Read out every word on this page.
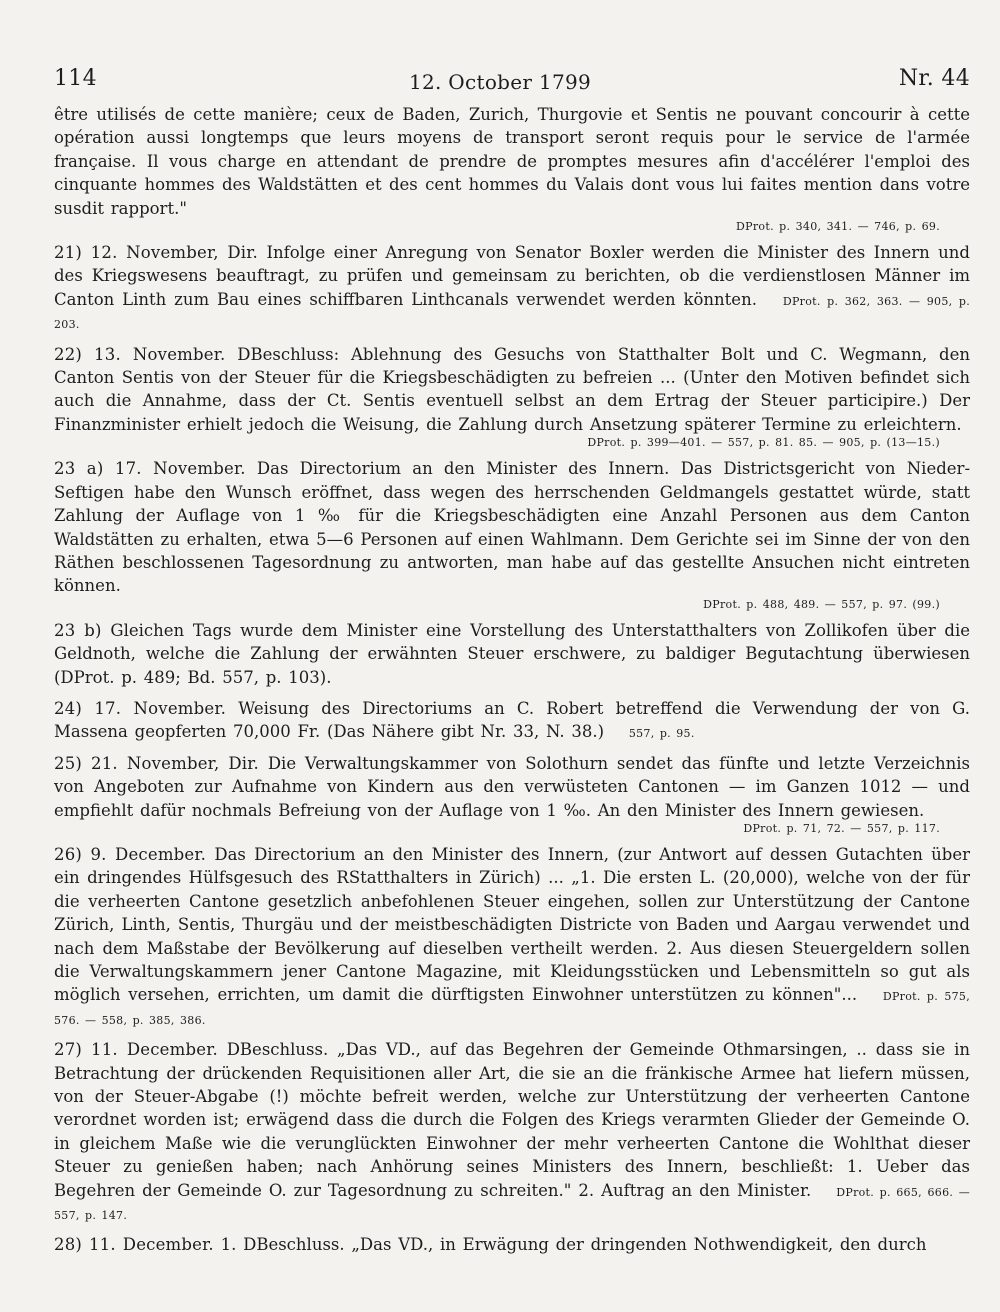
114	12. October 1799	Nr. 44

être utilisés de cette manière; ceux de Baden, Zurich, Thurgovie et Sentis ne pouvant concourir à cette opération aussi longtemps que leurs moyens de transport seront requis pour le service de l'armée française. Il vous charge en attendant de prendre de promptes mesures afin d'accélérer l'emploi des cinquante hommes des Waldstätten et des cent hommes du Valais dont vous lui faites mention dans votre susdit rapport."
DProt. p. 340, 341. — 746, p. 69.

21) 12. November, Dir. Infolge einer Anregung von Senator Boxler werden die Minister des Innern und des Kriegswesens beauftragt, zu prüfen und gemeinsam zu berichten, ob die verdienstlosen Männer im Canton Linth zum Bau eines schiffbaren Linthcanals verwendet werden könnten. DProt. p. 362, 363. — 905, p. 203.

22) 13. November. DBeschluss: Ablehnung des Gesuchs von Statthalter Bolt und C. Wegmann, den Canton Sentis von der Steuer für die Kriegsbeschädigten zu befreien ... (Unter den Motiven befindet sich auch die Annahme, dass der Ct. Sentis eventuell selbst an dem Ertrag der Steuer participire.) Der Finanzminister erhielt jedoch die Weisung, die Zahlung durch Ansetzung späterer Termine zu erleichtern.
DProt. p. 399—401. — 557, p. 81. 85. — 905, p. (13—15.)

23 a) 17. November. Das Directorium an den Minister des Innern. Das Districtsgericht von Nieder-Seftigen habe den Wunsch eröffnet, dass wegen des herrschenden Geldmangels gestattet würde, statt Zahlung der Auflage von 1 ‰ für die Kriegsbeschädigten eine Anzahl Personen aus dem Canton Waldstätten zu erhalten, etwa 5—6 Personen auf einen Wahlmann. Dem Gerichte sei im Sinne der von den Räthen beschlossenen Tagesordnung zu antworten, man habe auf das gestellte Ansuchen nicht eintreten können.
DProt. p. 488, 489. — 557, p. 97. (99.)

23 b) Gleichen Tags wurde dem Minister eine Vorstellung des Unterstatthalters von Zollikofen über die Geldnoth, welche die Zahlung der erwähnten Steuer erschwere, zu baldiger Begutachtung überwiesen (DProt. p. 489; Bd. 557, p. 103).

24) 17. November. Weisung des Directoriums an C. Robert betreffend die Verwendung der von G. Massena geopferten 70,000 Fr. (Das Nähere gibt Nr. 33, N. 38.) 557, p. 95.

25) 21. November, Dir. Die Verwaltungskammer von Solothurn sendet das fünfte und letzte Verzeichnis von Angeboten zur Aufnahme von Kindern aus den verwüsteten Cantonen — im Ganzen 1012 — und empfiehlt dafür nochmals Befreiung von der Auflage von 1 ‰. An den Minister des Innern gewiesen.
DProt. p. 71, 72. — 557, p. 117.

26) 9. December. Das Directorium an den Minister des Innern, (zur Antwort auf dessen Gutachten über ein dringendes Hülfsgesuch des RStatthalters in Zürich) ... „1. Die ersten L. (20,000), welche von der für die verheerten Cantone gesetzlich anbefohlenen Steuer eingehen, sollen zur Unterstützung der Cantone Zürich, Linth, Sentis, Thurgäu und der meistbeschädigten Districte von Baden und Aargau verwendet und nach dem Maßstabe der Bevölkerung auf dieselben vertheilt werden. 2. Aus diesen Steuergeldern sollen die Verwaltungskammern jener Cantone Magazine, mit Kleidungsstücken und Lebensmitteln so gut als möglich versehen, errichten, um damit die dürftigsten Einwohner unterstützen zu können"... DProt. p. 575, 576. — 558, p. 385, 386.

27) 11. December. DBeschluss. „Das VD., auf das Begehren der Gemeinde Othmarsingen, .. dass sie in Betrachtung der drückenden Requisitionen aller Art, die sie an die fränkische Armee hat liefern müssen, von der Steuer-Abgabe (!) möchte befreit werden, welche zur Unterstützung der verheerten Cantone verordnet worden ist; erwägend dass die durch die Folgen des Kriegs verarmten Glieder der Gemeinde O. in gleichem Maße wie die verunglückten Einwohner der mehr verheerten Cantone die Wohlthat dieser Steuer zu genießen haben; nach Anhörung seines Ministers des Innern, beschließt: 1. Ueber das Begehren der Gemeinde O. zur Tagesordnung zu schreiten." 2. Auftrag an den Minister. DProt. p. 665, 666. — 557, p. 147.

28) 11. December. 1. DBeschluss. „Das VD., in Erwägung der dringenden Nothwendigkeit, den durch
